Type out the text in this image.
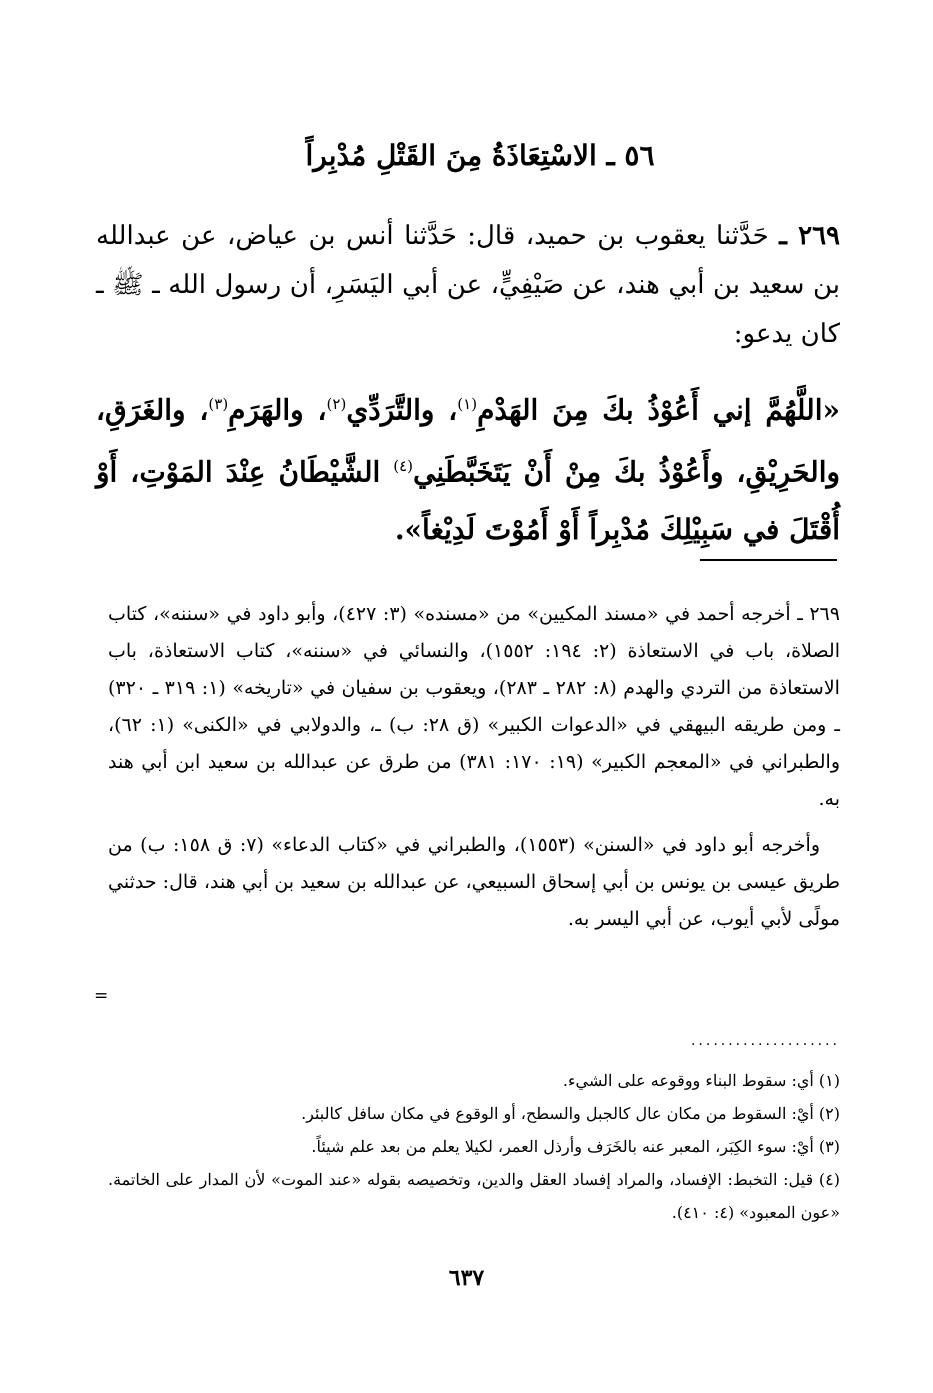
٥٦ ـ الاسْتِعَاذَةُ مِنَ القَتْلِ مُدْبِراً
٢٦٩ ـ حَدَّثنا يعقوب بن حميد، قال: حَدَّثنا أنس بن عياض، عن عبدالله بن سعيد بن أبي هند، عن صَيْفِيٍّ، عن أبي اليَسَرِ، أن رسول الله ـ ﷺ ـ كان يدعو:
«اللَّهُمَّ إني أَعُوْذُ بكَ مِنَ الهَدْمِ$^{(١)}$، والتَّرَدِّي$^{(٢)}$، والهَرَمِ$^{(٣)}$، والغَرَقِ، والحَرِيْقِ، وأَعُوْذُ بكَ مِنْ أَنْ يَتَخَبَّطَنِي$^{(٤)}$ الشَّيْطَانُ عِنْدَ المَوْتِ، أَوْ أُقْتَلَ في سَبِيْلِكَ مُدْبِراً أَوْ أَمُوْتَ لَدِيْغاً».

٢٦٩ ـ أخرجه أحمد في «مسند المكيين» من «مسنده» (٣: ٤٢٧)، وأبو داود في «سننه»، كتاب الصلاة، باب في الاستعاذة (٢: ١٩٤: ١٥٥٢)، والنسائي في «سننه»، كتاب الاستعاذة، باب الاستعاذة من التردي والهدم (٨: ٢٨٢ ـ ٢٨٣)، ويعقوب بن سفيان في «تاريخه» (١: ٣١٩ ـ ٣٢٠) ـ ومن طريقه البيهقي في «الدعوات الكبير» (ق ٢٨: ب) ـ، والدولابي في «الكنى» (١: ٦٢)، والطبراني في «المعجم الكبير» (١٩: ١٧٠: ٣٨١) من طرق عن عبدالله بن سعيد ابن أبي هند به.

وأخرجه أبو داود في «السنن» (١٥٥٣)، والطبراني في «كتاب الدعاء» (٧: ق ١٥٨: ب) من طريق عيسى بن يونس بن أبي إسحاق السبيعي، عن عبدالله بن سعيد بن أبي هند، قال: حدثني مولًى لأبي أيوب، عن أبي اليسر به.

=
....................
(١) أي: سقوط البناء ووقوعه على الشيء.
(٢) أيْ: السقوط من مكان عال كالجبل والسطح، أو الوقوع في مكان سافل كالبئر.
(٣) أيْ: سوء الكِبَر، المعبر عنه بالخَرَف وأرذل العمر، لكيلا يعلم من بعد علم شيئاً.
(٤) قيل: التخبط: الإفساد، والمراد إفساد العقل والدين، وتخصيصه بقوله «عند الموت» لأن المدار على الخاتمة. «عون المعبود» (٤: ٤١٠).
٦٣٧
